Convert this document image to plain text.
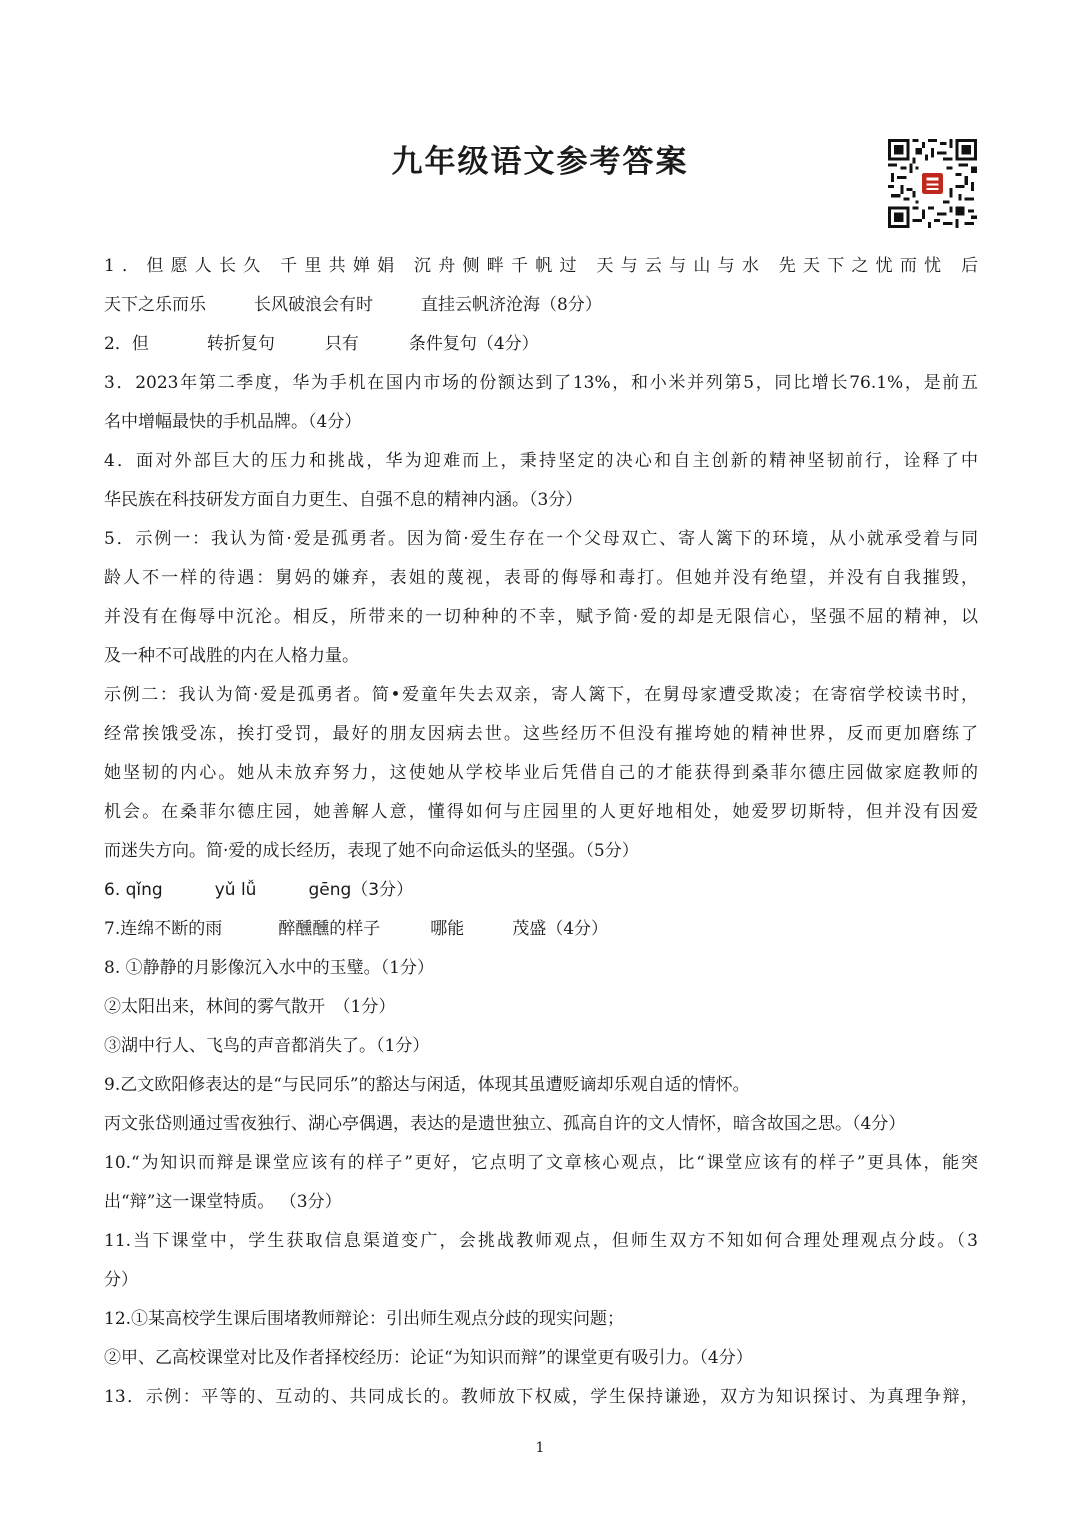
九年级语文参考答案
1．但愿人长久 千里共婵娟 沉舟侧畔千帆过 天与云与山与水 先天下之忧而忧 后
天下之乐而乐	长风破浪会有时	直挂云帆济沧海（8分）
2．但	转折复句	只有	条件复句（4分）
3．2023年第二季度，华为手机在国内市场的份额达到了13%，和小米并列第5，同比增长76.1%，是前五
名中增幅最快的手机品牌。（4分）
4．面对外部巨大的压力和挑战，华为迎难而上，秉持坚定的决心和自主创新的精神坚韧前行，诠释了中
华民族在科技研发方面自力更生、自强不息的精神内涵。（3分）
5．示例一：我认为简·爱是孤勇者。因为简·爱生存在一个父母双亡、寄人篱下的环境，从小就承受着与同
龄人不一样的待遇：舅妈的嫌弃，表姐的蔑视，表哥的侮辱和毒打。但她并没有绝望，并没有自我摧毁，
并没有在侮辱中沉沦。相反，所带来的一切种种的不幸，赋予简·爱的却是无限信心，坚强不屈的精神，以
及一种不可战胜的内在人格力量。
示例二：我认为简·爱是孤勇者。简•爱童年失去双亲，寄人篱下，在舅母家遭受欺凌；在寄宿学校读书时，
经常挨饿受冻，挨打受罚，最好的朋友因病去世。这些经历不但没有摧垮她的精神世界，反而更加磨练了
她坚韧的内心。她从未放弃努力，这使她从学校毕业后凭借自己的才能获得到桑菲尔德庄园做家庭教师的
机会。在桑菲尔德庄园，她善解人意，懂得如何与庄园里的人更好地相处，她爱罗切斯特，但并没有因爱
而迷失方向。简·爱的成长经历，表现了她不向命运低头的坚强。（5分）
6. qǐng	yǔ lǚ	gēng（3分）
7.连绵不断的雨	醉醺醺的样子	哪能	茂盛（4分）
8. ①静静的月影像沉入水中的玉璧。（1分）
②太阳出来，林间的雾气散开　（1分）
③湖中行人、飞鸟的声音都消失了。（1分）
9.乙文欧阳修表达的是“与民同乐”的豁达与闲适，体现其虽遭贬谪却乐观自适的情怀。
丙文张岱则通过雪夜独行、湖心亭偶遇，表达的是遗世独立、孤高自许的文人情怀，暗含故国之思。（4分）
10.“为知识而辩是课堂应该有的样子”更好，它点明了文章核心观点，比“课堂应该有的样子”更具体，能突
出“辩”这一课堂特质。 （3分）
11.当下课堂中，学生获取信息渠道变广，会挑战教师观点，但师生双方不知如何合理处理观点分歧。（3
分）
12.①某高校学生课后围堵教师辩论：引出师生观点分歧的现实问题；
②甲、乙高校课堂对比及作者择校经历：论证“为知识而辩”的课堂更有吸引力。（4分）
13．示例：平等的、互动的、共同成长的。教师放下权威，学生保持谦逊，双方为知识探讨、为真理争辩，
1
